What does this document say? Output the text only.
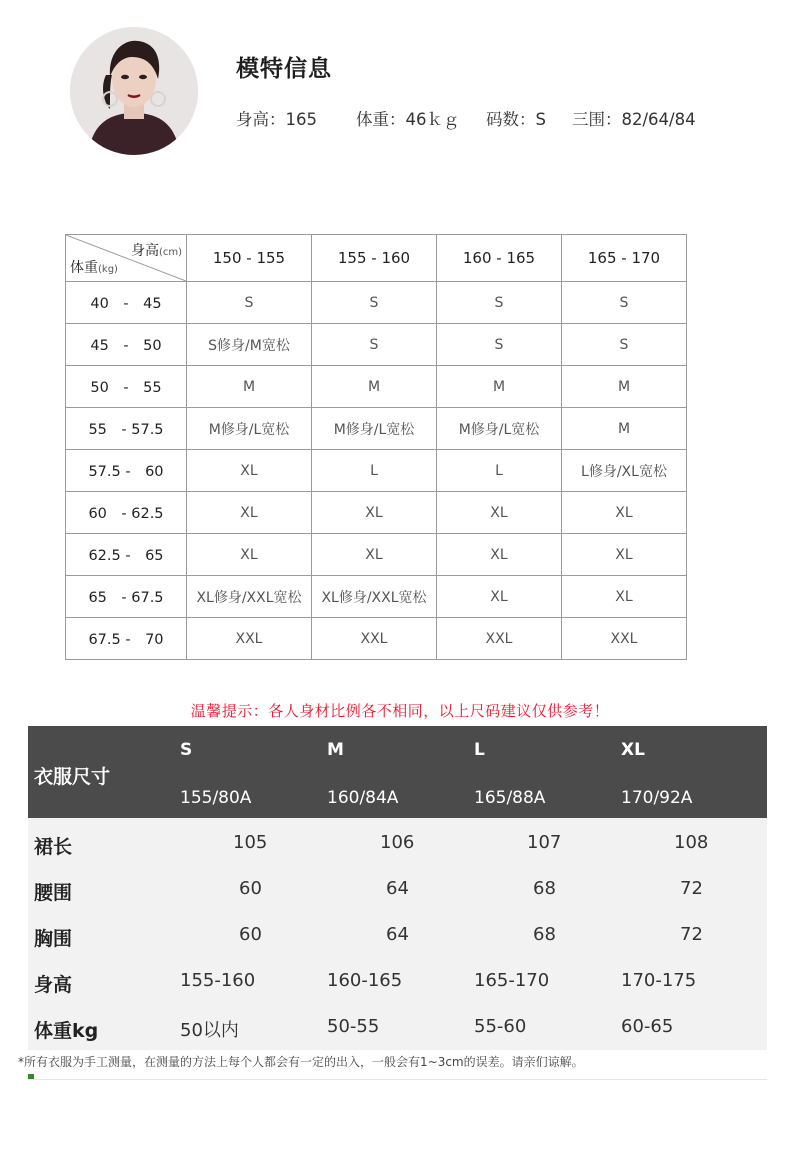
模特信息
身高：165 体重：46ｋｇ 码数：S 三围：82/64/84
身高(cm)
体重(kg)	150 - 155	155 - 160	160 - 165	165 - 170
40　-　45	S	S	S	S
45　-　50	S修身/M宽松	S	S	S
50　-　55	M	M	M	M
55　- 57.5	M修身/L宽松	M修身/L宽松	M修身/L宽松	M
57.5 -　60	XL	L	L	L修身/XL宽松
60　- 62.5	XL	XL	XL	XL
62.5 -　65	XL	XL	XL	XL
65　- 67.5	XL修身/XXL宽松	XL修身/XXL宽松	XL	XL
67.5 -　70	XXL	XXL	XXL	XXL
温馨提示：各人身材比例各不相同，以上尺码建议仅供参考！
衣服尺寸
S	M	L	XL
155/80A	160/84A	165/88A	170/92A
裙长	105	106	107	108
腰围	60	64	68	72
胸围	60	64	68	72
身高	155-160	160-165	165-170	170-175
体重kg	50以内	50-55	55-60	60-65
*所有衣服为手工测量，在测量的方法上每个人都会有一定的出入，一般会有1~3cm的误差。请亲们谅解。
